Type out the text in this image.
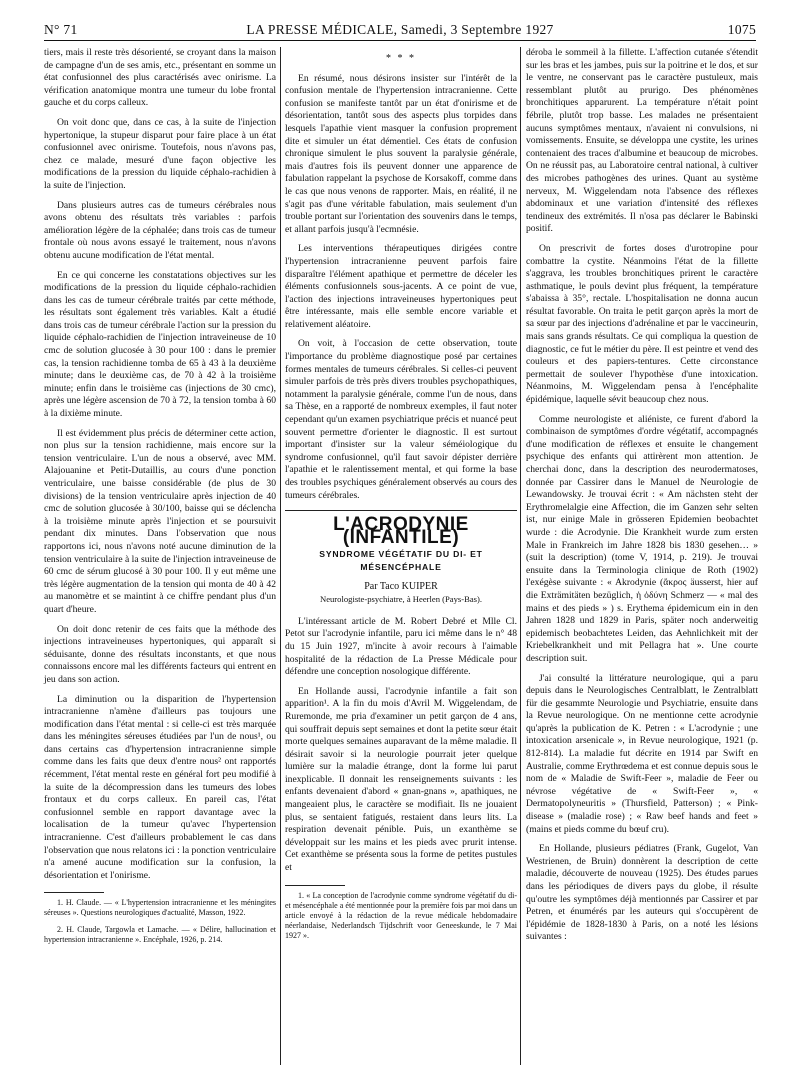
N° 71	LA PRESSE MÉDICALE, Samedi, 3 Septembre 1927	1075

tiers, mais il reste très désorienté, se croyant dans la maison de campagne d'un de ses amis, etc., présentant en somme un état confusionnel des plus caractérisés avec onirisme. La vérification anatomique montra une tumeur du lobe frontal gauche et du corps calleux.

On voit donc que, dans ce cas, à la suite de l'injection hypertonique, la stupeur disparut pour faire place à un état confusionnel avec onirisme. Toutefois, nous n'avons pas, chez ce malade, mesuré d'une façon objective les modifications de la pression du liquide céphalo-rachidien à la suite de l'injection.

Dans plusieurs autres cas de tumeurs cérébrales nous avons obtenu des résultats très variables : parfois amélioration légère de la céphalée; dans trois cas de tumeur frontale où nous avons essayé le traitement, nous n'avons obtenu aucune modification de l'état mental.

En ce qui concerne les constatations objectives sur les modifications de la pression du liquide céphalo-rachidien dans les cas de tumeur cérébrale traités par cette méthode, les résultats sont également très variables. Kalt a étudié dans trois cas de tumeur cérébrale l'action sur la pression du liquide céphalo-rachidien de l'injection intraveineuse de 10 cmc de solution glucosée à 30 pour 100 : dans le premier cas, la tension rachidienne tomba de 65 à 43 à la deuxième minute; dans le deuxième cas, de 70 à 42 à la troisième minute; enfin dans le troisième cas (injections de 30 cmc), après une légère ascension de 70 à 72, la tension tomba à 60 à la dixième minute.

Il est évidemment plus précis de déterminer cette action, non plus sur la tension rachidienne, mais encore sur la tension ventriculaire. L'un de nous a observé, avec MM. Alajouanine et Petit-Dutaillis, au cours d'une ponction ventriculaire, une baisse considérable (de plus de 30 divisions) de la tension ventriculaire après injection de 40 cmc de solution glucosée à 30/100, baisse qui se déclencha à la troisième minute après l'injection et se poursuivit pendant dix minutes. Dans l'observation que nous rapportons ici, nous n'avons noté aucune diminution de la tension ventriculaire à la suite de l'injection intraveineuse de 60 cmc de sérum glucosé à 30 pour 100. Il y eut même une très légère augmentation de la tension qui monta de 40 à 42 au manomètre et se maintint à ce chiffre pendant plus d'un quart d'heure.

On doit donc retenir de ces faits que la méthode des injections intraveineuses hypertoniques, qui apparaît si séduisante, donne des résultats inconstants, et que nous connaissons encore mal les différents facteurs qui entrent en jeu dans son action.

La diminution ou la disparition de l'hypertension intracranienne n'amène d'ailleurs pas toujours une modification dans l'état mental : si celle-ci est très marquée dans les méningites séreuses étudiées par l'un de nous¹, ou dans certains cas d'hypertension intracranienne simple comme dans les faits que deux d'entre nous² ont rapportés récemment, l'état mental reste en général fort peu modifié à la suite de la décompression dans les tumeurs des lobes frontaux et du corps calleux. En pareil cas, l'état confusionnel semble en rapport davantage avec la localisation de la tumeur qu'avec l'hypertension intracranienne. C'est d'ailleurs probablement le cas dans l'observation que nous relatons ici : la ponction ventriculaire n'a amené aucune modification sur la confusion, la désorientation et l'onirisme.

1. H. Claude. — « L'hypertension intracranienne et les méningites séreuses ». Questions neurologiques d'actualité, Masson, 1922.

2. H. Claude, Targowla et Lamache. — « Délire, hallucination et hypertension intracranienne ». Encéphale, 1926, p. 214.

* * *

En résumé, nous désirons insister sur l'intérêt de la confusion mentale de l'hypertension intracranienne. Cette confusion se manifeste tantôt par un état d'onirisme et de désorientation, tantôt sous des aspects plus torpides dans lesquels l'apathie vient masquer la confusion proprement dite et simuler un état démentiel. Ces états de confusion chronique simulent le plus souvent la paralysie générale, mais d'autres fois ils peuvent donner une apparence de fabulation rappelant la psychose de Korsakoff, comme dans le cas que nous venons de rapporter. Mais, en réalité, il ne s'agit pas d'une véritable fabulation, mais seulement d'un trouble portant sur l'orientation des souvenirs dans le temps, et allant parfois jusqu'à l'ecmnésie.

Les interventions thérapeutiques dirigées contre l'hypertension intracranienne peuvent parfois faire disparaître l'élément apathique et permettre de déceler les éléments confusionnels sous-jacents. A ce point de vue, l'action des injections intraveineuses hypertoniques peut être intéressante, mais elle semble encore variable et relativement aléatoire.

On voit, à l'occasion de cette observation, toute l'importance du problème diagnostique posé par certaines formes mentales de tumeurs cérébrales. Si celles-ci peuvent simuler parfois de très près divers troubles psychopathiques, notamment la paralysie générale, comme l'un de nous, dans sa Thèse, en a rapporté de nombreux exemples, il faut noter cependant qu'un examen psychiatrique précis et nuancé peut souvent permettre d'orienter le diagnostic. Il est surtout important d'insister sur la valeur séméiologique du syndrome confusionnel, qu'il faut savoir dépister derrière l'apathie et le ralentissement mental, et qui forme la base des troubles psychiques généralement observés au cours des tumeurs cérébrales.

L'ACRODYNIE (INFANTILE)
SYNDROME VÉGÉTATIF DU DI- ET MÉSENCÉPHALE
Par Taco KUIPER
Neurologiste-psychiatre, à Heerlen (Pays-Bas).

L'intéressant article de M. Robert Debré et Mlle Cl. Petot sur l'acrodynie infantile, paru ici même dans le n° 48 du 15 Juin 1927, m'incite à avoir recours à l'aimable hospitalité de la rédaction de La Presse Médicale pour défendre une conception nosologique différente.

En Hollande aussi, l'acrodynie infantile a fait son apparition¹. A la fin du mois d'Avril M. Wiggelendam, de Ruremonde, me pria d'examiner un petit garçon de 4 ans, qui souffrait depuis sept semaines et dont la petite sœur était morte quelques semaines auparavant de la même maladie. Il désirait savoir si la neurologie pourrait jeter quelque lumière sur la maladie étrange, dont la forme lui parut inexplicable. Il donnait les renseignements suivants : les enfants devenaient d'abord « gnan-gnans », apathiques, ne mangeaient plus, le caractère se modifiait. Ils ne jouaient plus, se sentaient fatigués, restaient dans leurs lits. La respiration devenait pénible. Puis, un exanthème se développait sur les mains et les pieds avec prurit intense. Cet exanthème se présenta sous la forme de petites pustules et

1. « La conception de l'acrodynie comme syndrome végétatif du di- et mésencéphale a été mentionnée pour la première fois par moi dans un article envoyé à la rédaction de la revue médicale hebdomadaire néerlandaise, Nederlandsch Tijdschrift voor Geneeskunde, le 7 Mai 1927 ».

déroba le sommeil à la fillette. L'affection cutanée s'étendit sur les bras et les jambes, puis sur la poitrine et le dos, et sur le ventre, ne conservant pas le caractère pustuleux, mais ressemblant plutôt au prurigo. Des phénomènes bronchitiques apparurent. La température n'était point fébrile, plutôt trop basse. Les malades ne présentaient aucuns symptômes mentaux, n'avaient ni convulsions, ni vomissements. Ensuite, se développa une cystite, les urines contenaient des traces d'albumine et beaucoup de microbes. On ne réussit pas, au Laboratoire central national, à cultiver des microbes pathogènes des urines. Quant au système nerveux, M. Wiggelendam nota l'absence des réflexes abdominaux et une variation d'intensité des réflexes tendineux des extrémités. Il n'osa pas déclarer le Babinski positif.

On prescrivit de fortes doses d'urotropine pour combattre la cystite. Néanmoins l'état de la fillette s'aggrava, les troubles bronchitiques prirent le caractère asthmatique, le pouls devint plus fréquent, la température s'abaissa à 35°, rectale. L'hospitalisation ne donna aucun résultat favorable. On traita le petit garçon après la mort de sa sœur par des injections d'adrénaline et par le vaccineurin, mais sans grands résultats. Ce qui compliqua la question de diagnostic, ce fut le métier du père. Il est peintre et vend des couleurs et des papiers-tentures. Cette circonstance permettait de soulever l'hypothèse d'une intoxication. Néanmoins, M. Wiggelendam pensa à l'encéphalite épidémique, laquelle sévit beaucoup chez nous.

Comme neurologiste et aliéniste, ce furent d'abord la combinaison de symptômes d'ordre végétatif, accompagnés d'une modification de réflexes et ensuite le changement psychique des enfants qui attirèrent mon attention. Je cherchai donc, dans la description des neurodermatoses, donnée par Cassirer dans le Manuel de Neurologie de Lewandowsky. Je trouvai écrit : « Am nächsten steht der Erythromelalgie eine Affection, die im Ganzen sehr selten ist, nur einige Male in grösseren Epidemien beobachtet wurde : die Acrodynie. Die Krankheit wurde zum ersten Male in Frankreich im Jahre 1828 bis 1830 gesehen… » (suit la description) (tome V, 1914, p. 219). Je trouvai ensuite dans la Terminologia clinique de Roth (1902) l'exégèse suivante : « Akrodynie (ἄκρος äusserst, hier auf die Exträmitäten bezüglich, ἡ ὀδύνη Schmerz — « mal des mains et des pieds » ) s. Erythema épidemicum ein in den Jahren 1828 und 1829 in Paris, später noch anderweitig epidemisch beobachtetes Leiden, das Aehnlichkeit mit der Kriebelkrankheit und mit Pellagra hat ». Une courte description suit.

J'ai consulté la littérature neurologique, qui a paru depuis dans le Neurologisches Centralblatt, le Zentralblatt für die gesammte Neurologie und Psychiatrie, ensuite dans la Revue neurologique. On ne mentionne cette acrodynie qu'après la publication de K. Petren : « L'acrodynie ; une intoxication arsenicale », in Revue neurologique, 1921 (p. 812-814). La maladie fut décrite en 1914 par Swift en Australie, comme Erythrœdema et est connue depuis sous le nom de « Maladie de Swift-Feer », maladie de Feer ou névrose végétative de « Swift-Feer », « Dermatopolyneuritis » (Thursfield, Patterson) ; « Pink-disease » (maladie rose) ; « Raw beef hands and feet » (mains et pieds comme du bœuf cru).

En Hollande, plusieurs pédiatres (Frank, Gugelot, Van Westrienen, de Bruin) donnèrent la description de cette maladie, découverte de nouveau (1925). Des études parues dans les périodiques de divers pays du globe, il résulte qu'outre les symptômes déjà mentionnés par Cassirer et par Petren, et énumérés par les auteurs qui s'occupèrent de l'épidémie de 1828-1830 à Paris, on a noté les lésions suivantes :
